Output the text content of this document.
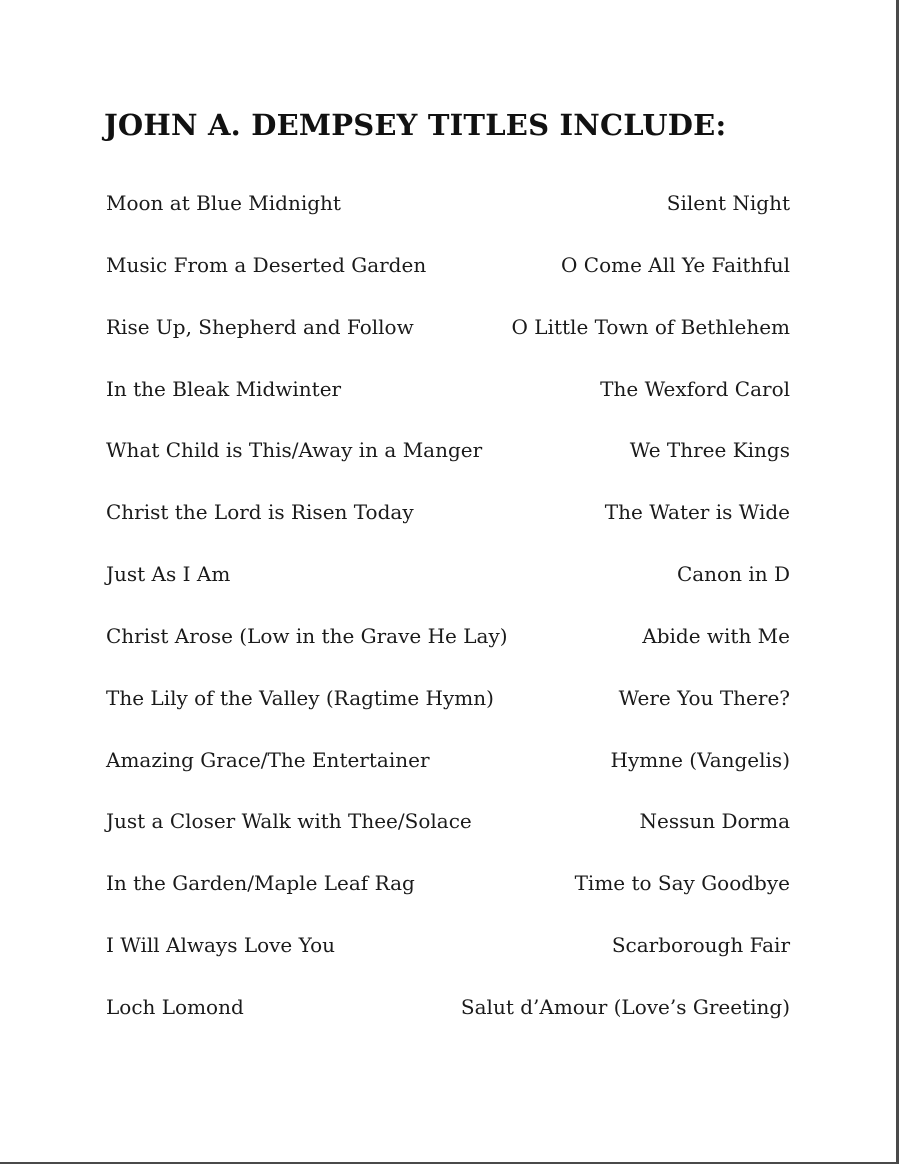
JOHN A. DEMPSEY TITLES INCLUDE:
Moon at Blue Midnight	Silent Night
Music From a Deserted Garden	O Come All Ye Faithful
Rise Up, Shepherd and Follow	O Little Town of Bethlehem
In the Bleak Midwinter	The Wexford Carol
What Child is This/Away in a Manger	We Three Kings
Christ the Lord is Risen Today	The Water is Wide
Just As I Am	Canon in D
Christ Arose (Low in the Grave He Lay)	Abide with Me
The Lily of the Valley (Ragtime Hymn)	Were You There?
Amazing Grace/The Entertainer	Hymne (Vangelis)
Just a Closer Walk with Thee/Solace	Nessun Dorma
In the Garden/Maple Leaf Rag	Time to Say Goodbye
I Will Always Love You	Scarborough Fair
Loch Lomond	Salut d’Amour (Love’s Greeting)
